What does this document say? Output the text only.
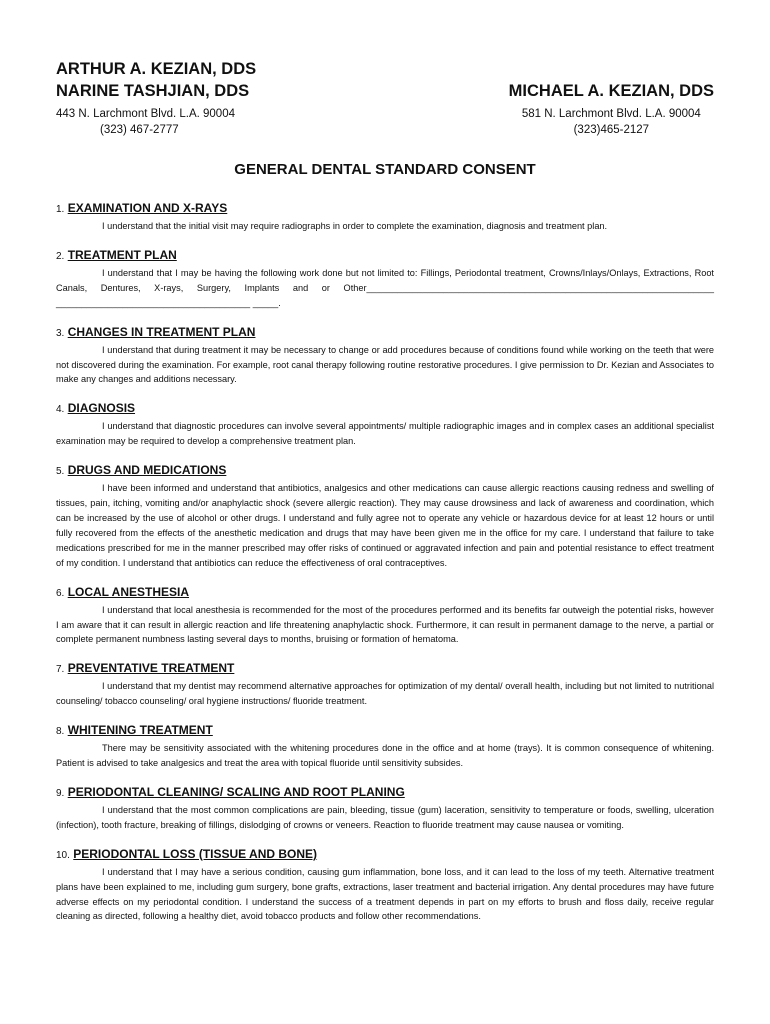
ARTHUR A. KEZIAN, DDS
NARINE TASHJIAN, DDS
443 N. Larchmont Blvd. L.A. 90004
(323) 467-2777
MICHAEL A. KEZIAN, DDS
581 N. Larchmont Blvd. L.A. 90004
(323)465-2127
GENERAL DENTAL STANDARD CONSENT
1. EXAMINATION AND X-RAYS
I understand that the initial visit may require radiographs in order to complete the examination, diagnosis and treatment plan.
2. TREATMENT PLAN
I understand that I may be having the following work done but not limited to: Fillings, Periodontal treatment, Crowns/Inlays/Onlays, Extractions, Root Canals, Dentures, X-rays, Surgery, Implants and or Other____________________________________________________________________ ______________________________________ _____.
3. CHANGES IN TREATMENT PLAN
I understand that during treatment it may be necessary to change or add procedures because of conditions found while working on the teeth that were not discovered during the examination. For example, root canal therapy following routine restorative procedures. I give permission to Dr. Kezian and Associates to make any changes and additions necessary.
4. DIAGNOSIS
I understand that diagnostic procedures can involve several appointments/ multiple radiographic images and in complex cases an additional specialist examination may be required to develop a comprehensive treatment plan.
5. DRUGS AND MEDICATIONS
I have been informed and understand that antibiotics, analgesics and other medications can cause allergic reactions causing redness and swelling of tissues, pain, itching, vomiting and/or anaphylactic shock (severe allergic reaction). They may cause drowsiness and lack of awareness and coordination, which can be increased by the use of alcohol or other drugs. I understand and fully agree not to operate any vehicle or hazardous device for at least 12 hours or until fully recovered from the effects of the anesthetic medication and drugs that may have been given me in the office for my care. I understand that failure to take medications prescribed for me in the manner prescribed may offer risks of continued or aggravated infection and pain and potential resistance to effect treatment of my condition. I understand that antibiotics can reduce the effectiveness of oral contraceptives.
6. LOCAL ANESTHESIA
I understand that local anesthesia is recommended for the most of the procedures performed and its benefits far outweigh the potential risks, however I am aware that it can result in allergic reaction and life threatening anaphylactic shock. Furthermore, it can result in permanent damage to the nerve, a partial or complete permanent numbness lasting several days to months, bruising or formation of hematoma.
7. PREVENTATIVE TREATMENT
I understand that my dentist may recommend alternative approaches for optimization of my dental/ overall health, including but not limited to nutritional counseling/ tobacco counseling/ oral hygiene instructions/ fluoride treatment.
8. WHITENING TREATMENT
There may be sensitivity associated with the whitening procedures done in the office and at home (trays). It is common consequence of whitening. Patient is advised to take analgesics and treat the area with topical fluoride until sensitivity subsides.
9. PERIODONTAL CLEANING/ SCALING AND ROOT PLANING
I understand that the most common complications are pain, bleeding, tissue (gum) laceration, sensitivity to temperature or foods, swelling, ulceration (infection), tooth fracture, breaking of fillings, dislodging of crowns or veneers. Reaction to fluoride treatment may cause nausea or vomiting.
10. PERIODONTAL LOSS (TISSUE AND BONE)
I understand that I may have a serious condition, causing gum inflammation, bone loss, and it can lead to the loss of my teeth. Alternative treatment plans have been explained to me, including gum surgery, bone grafts, extractions, laser treatment and bacterial irrigation. Any dental procedures may have future adverse effects on my periodontal condition. I understand the success of a treatment depends in part on my efforts to brush and floss daily, receive regular cleaning as directed, following a healthy diet, avoid tobacco products and follow other recommendations.
